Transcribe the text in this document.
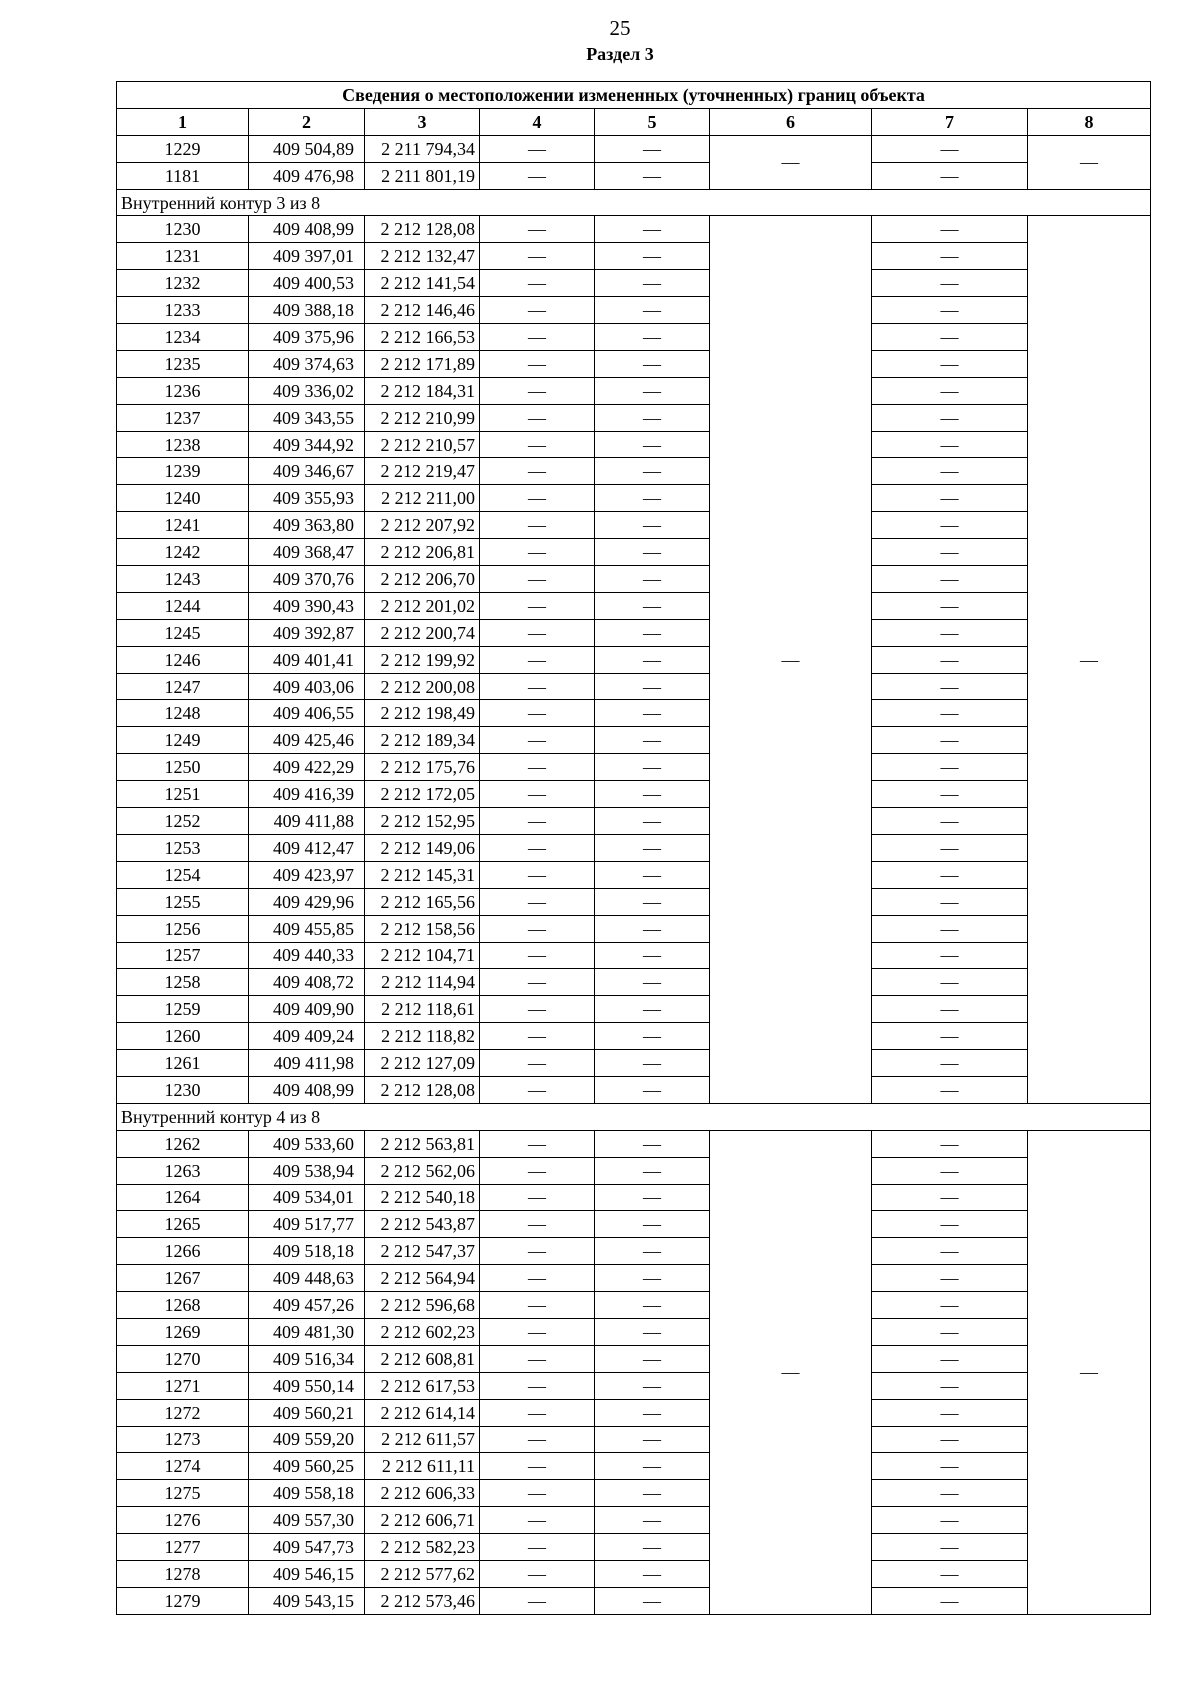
25
Раздел 3
Сведения о местоположении измененных (уточненных) границ объекта							
1	2	3	4	5	6	7	8
1229	409 504,89	2 211 794,34	—	—	—	—	—
1181	409 476,98	2 211 801,19	—	—		—	
Внутренний контур 3 из 8							
1230	409 408,99	2 212 128,08	—	—	—	—	—
1231	409 397,01	2 212 132,47	—	—		—	
1232	409 400,53	2 212 141,54	—	—		—	
1233	409 388,18	2 212 146,46	—	—		—	
1234	409 375,96	2 212 166,53	—	—		—	
1235	409 374,63	2 212 171,89	—	—		—	
1236	409 336,02	2 212 184,31	—	—		—	
1237	409 343,55	2 212 210,99	—	—		—	
1238	409 344,92	2 212 210,57	—	—		—	
1239	409 346,67	2 212 219,47	—	—		—	
1240	409 355,93	2 212 211,00	—	—		—	
1241	409 363,80	2 212 207,92	—	—		—	
1242	409 368,47	2 212 206,81	—	—		—	
1243	409 370,76	2 212 206,70	—	—		—	
1244	409 390,43	2 212 201,02	—	—		—	
1245	409 392,87	2 212 200,74	—	—		—	
1246	409 401,41	2 212 199,92	—	—		—	
1247	409 403,06	2 212 200,08	—	—		—	
1248	409 406,55	2 212 198,49	—	—		—	
1249	409 425,46	2 212 189,34	—	—		—	
1250	409 422,29	2 212 175,76	—	—		—	
1251	409 416,39	2 212 172,05	—	—		—	
1252	409 411,88	2 212 152,95	—	—		—	
1253	409 412,47	2 212 149,06	—	—		—	
1254	409 423,97	2 212 145,31	—	—		—	
1255	409 429,96	2 212 165,56	—	—		—	
1256	409 455,85	2 212 158,56	—	—		—	
1257	409 440,33	2 212 104,71	—	—		—	
1258	409 408,72	2 212 114,94	—	—		—	
1259	409 409,90	2 212 118,61	—	—		—	
1260	409 409,24	2 212 118,82	—	—		—	
1261	409 411,98	2 212 127,09	—	—		—	
1230	409 408,99	2 212 128,08	—	—		—	
Внутренний контур 4 из 8							
1262	409 533,60	2 212 563,81	—	—	—	—	—
1263	409 538,94	2 212 562,06	—	—		—	
1264	409 534,01	2 212 540,18	—	—		—	
1265	409 517,77	2 212 543,87	—	—		—	
1266	409 518,18	2 212 547,37	—	—		—	
1267	409 448,63	2 212 564,94	—	—		—	
1268	409 457,26	2 212 596,68	—	—		—	
1269	409 481,30	2 212 602,23	—	—		—	
1270	409 516,34	2 212 608,81	—	—		—	
1271	409 550,14	2 212 617,53	—	—		—	
1272	409 560,21	2 212 614,14	—	—		—	
1273	409 559,20	2 212 611,57	—	—		—	
1274	409 560,25	2 212 611,11	—	—		—	
1275	409 558,18	2 212 606,33	—	—		—	
1276	409 557,30	2 212 606,71	—	—		—	
1277	409 547,73	2 212 582,23	—	—		—	
1278	409 546,15	2 212 577,62	—	—		—	
1279	409 543,15	2 212 573,46	—	—		—	
